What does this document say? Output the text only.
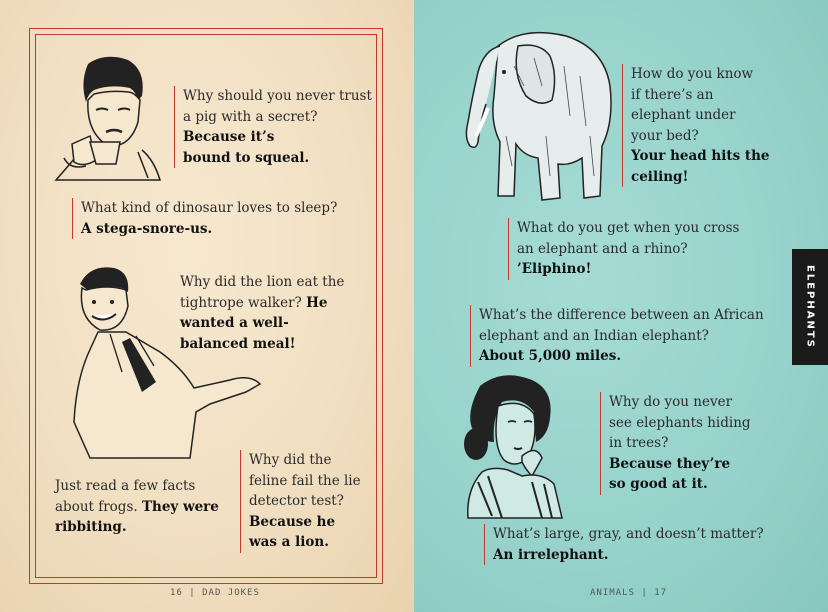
Why should you never trust a pig with a secret?
Because it’s bound to squeal.
What kind of dinosaur loves to sleep?
A stega-snore-us.
Why did the lion eat the tightrope walker? He wanted a well-balanced meal!
Just read a few facts about frogs. They were ribbiting.
Why did the feline fail the lie detector test?
Because he was a lion.
16 | DAD JOKES
How do you know if there’s an elephant under your bed?
Your head hits the ceiling!
What do you get when you cross an elephant and a rhino?
’Eliphino!
What’s the difference between an African elephant and an Indian elephant?
About 5,000 miles.
Why do you never see elephants hiding in trees?
Because they’re so good at it.
What’s large, gray, and doesn’t matter?
An irrelephant.
ANIMALS | 17
ELEPHANTS
